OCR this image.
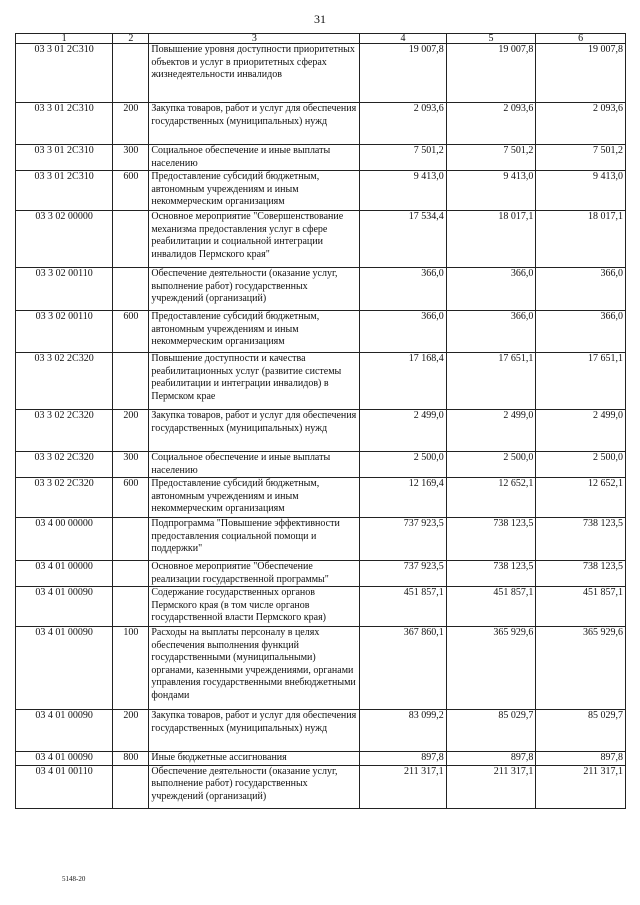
31
1	2	3	4	5	6
03 3 01 2С310		Повышение уровня доступности приоритетных объектов и услуг в приоритетных сферах жизнедеятельности инвалидов	19 007,8	19 007,8	19 007,8
03 3 01 2С310	200	Закупка товаров, работ и услуг для обеспечения государственных (муниципальных) нужд	2 093,6	2 093,6	2 093,6
03 3 01 2С310	300	Социальное обеспечение и иные выплаты населению	7 501,2	7 501,2	7 501,2
03 3 01 2С310	600	Предоставление субсидий бюджетным, автономным учреждениям и иным некоммерческим организациям	9 413,0	9 413,0	9 413,0
03 3 02 00000		Основное мероприятие "Совершенствование механизма предоставления услуг в сфере реабилитации и социальной интеграции инвалидов Пермского края"	17 534,4	18 017,1	18 017,1
03 3 02 00110		Обеспечение деятельности (оказание услуг, выполнение работ) государственных учреждений (организаций)	366,0	366,0	366,0
03 3 02 00110	600	Предоставление субсидий бюджетным, автономным учреждениям и иным некоммерческим организациям	366,0	366,0	366,0
03 3 02 2С320		Повышение доступности и качества реабилитационных услуг (развитие системы реабилитации и интеграции инвалидов) в Пермском крае	17 168,4	17 651,1	17 651,1
03 3 02 2С320	200	Закупка товаров, работ и услуг для обеспечения государственных (муниципальных) нужд	2 499,0	2 499,0	2 499,0
03 3 02 2С320	300	Социальное обеспечение и иные выплаты населению	2 500,0	2 500,0	2 500,0
03 3 02 2С320	600	Предоставление субсидий бюджетным, автономным учреждениям и иным некоммерческим организациям	12 169,4	12 652,1	12 652,1
03 4 00 00000		Подпрограмма "Повышение эффективности предоставления социальной помощи и поддержки"	737 923,5	738 123,5	738 123,5
03 4 01 00000		Основное мероприятие "Обеспечение реализации государственной программы"	737 923,5	738 123,5	738 123,5
03 4 01 00090		Содержание государственных органов Пермского края (в том числе органов государственной власти Пермского края)	451 857,1	451 857,1	451 857,1
03 4 01 00090	100	Расходы на выплаты персоналу в целях обеспечения выполнения функций государственными (муниципальными) органами, казенными учреждениями, органами управления государственными внебюджетными фондами	367 860,1	365 929,6	365 929,6
03 4 01 00090	200	Закупка товаров, работ и услуг для обеспечения государственных (муниципальных) нужд	83 099,2	85 029,7	85 029,7
03 4 01 00090	800	Иные бюджетные ассигнования	897,8	897,8	897,8
03 4 01 00110		Обеспечение деятельности (оказание услуг, выполнение работ) государственных учреждений (организаций)	211 317,1	211 317,1	211 317,1
5148-20
